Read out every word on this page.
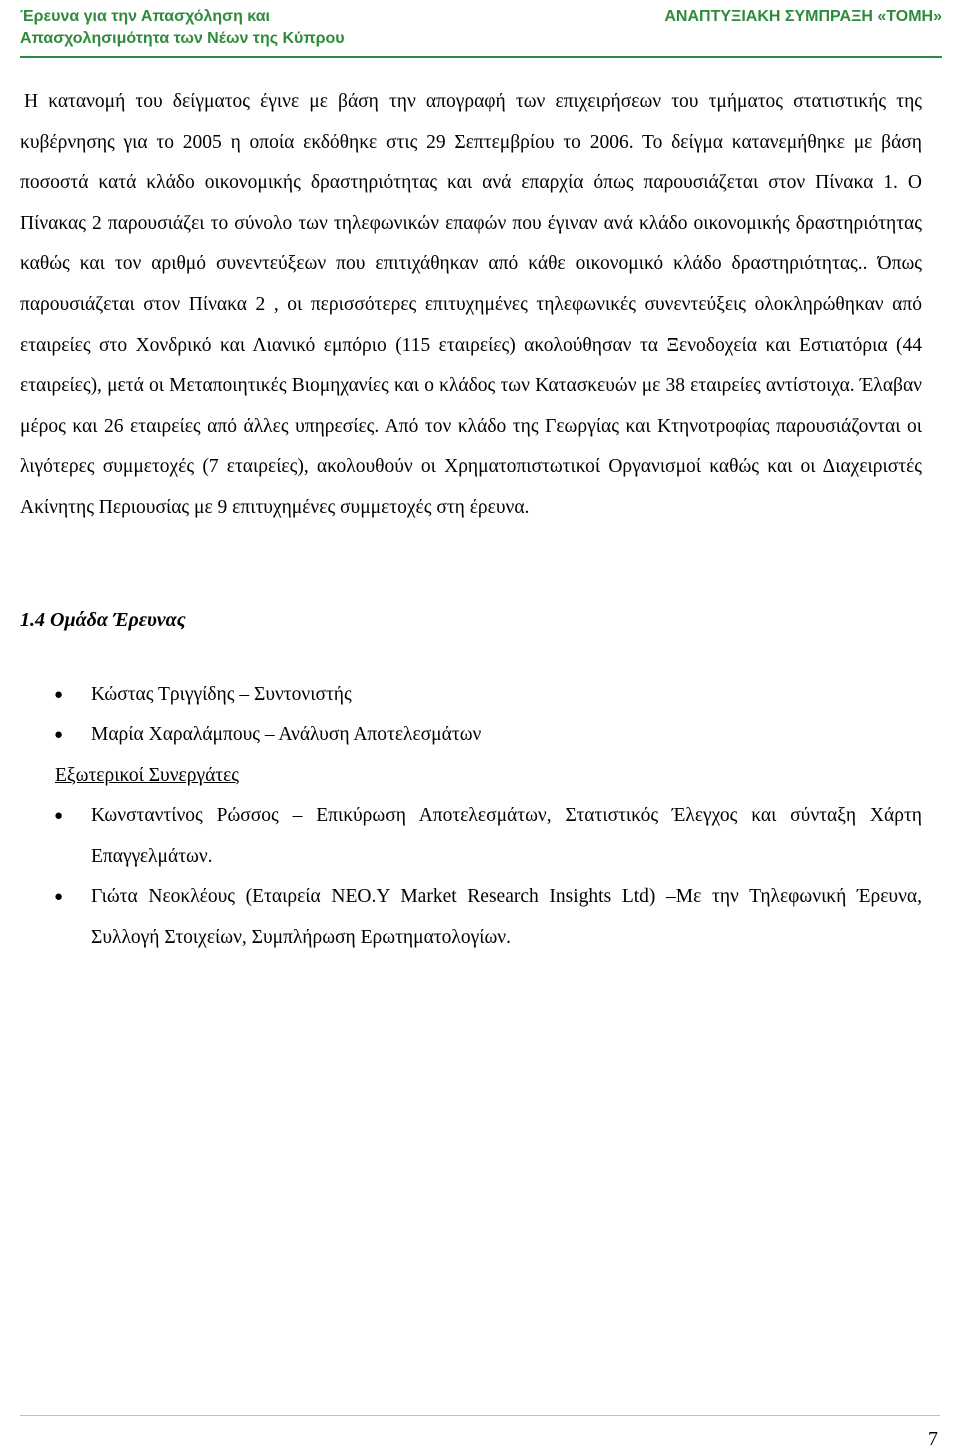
Έρευνα για την Απασχόληση και
Απασχολησιμότητα των Νέων της Κύπρου
ΑΝΑΠΤΥΞΙΑΚΗ ΣΥΜΠΡΑΞΗ «ΤΟΜΗ»

Η κατανομή του δείγματος έγινε με βάση την απογραφή των επιχειρήσεων του τμήματος στατιστικής της κυβέρνησης για το 2005 η οποία εκδόθηκε στις 29 Σεπτεμβρίου το 2006. Το δείγμα κατανεμήθηκε με βάση ποσοστά κατά κλάδο οικονομικής δραστηριότητας και ανά επαρχία όπως παρουσιάζεται στον Πίνακα 1. Ο Πίνακας 2 παρουσιάζει το σύνολο των τηλεφωνικών επαφών που έγιναν ανά κλάδο οικονομικής δραστηριότητας καθώς και τον αριθμό συνεντεύξεων που επιτιχάθηκαν από κάθε οικονομικό κλάδο δραστηριότητας.. Όπως παρουσιάζεται στον Πίνακα 2 , οι περισσότερες επιτυχημένες τηλεφωνικές συνεντεύξεις ολοκληρώθηκαν από εταιρείες στο Χονδρικό και Λιανικό εμπόριο (115 εταιρείες) ακολούθησαν τα Ξενοδοχεία και Εστιατόρια (44 εταιρείες), μετά οι Μεταποιητικές Βιομηχανίες και ο κλάδος των Κατασκευών με 38 εταιρείες αντίστοιχα. Έλαβαν μέρος και 26 εταιρείες από άλλες υπηρεσίες. Από τον κλάδο της Γεωργίας και Κτηνοτροφίας παρουσιάζονται οι λιγότερες συμμετοχές (7 εταιρείες), ακολουθούν οι Χρηματοπιστωτικοί Οργανισμοί καθώς και οι Διαχειριστές Ακίνητης Περιουσίας με 9 επιτυχημένες συμμετοχές στη έρευνα.

1.4 Ομάδα Έρευνας
● Κώστας Τριγγίδης – Συντονιστής
● Μαρία Χαραλάμπους – Ανάλυση Αποτελεσμάτων

Εξωτερικοί Συνεργάτες

● Κωνσταντίνος Ρώσσος – Επικύρωση Αποτελεσμάτων, Στατιστικός Έλεγχος και σύνταξη Χάρτη Επαγγελμάτων.
● Γιώτα Νεοκλέους (Εταιρεία ΝΕΟ.Υ Market Research Insights Ltd) –Με την Τηλεφωνική Έρευνα, Συλλογή Στοιχείων, Συμπλήρωση Ερωτηματολογίων.
7
